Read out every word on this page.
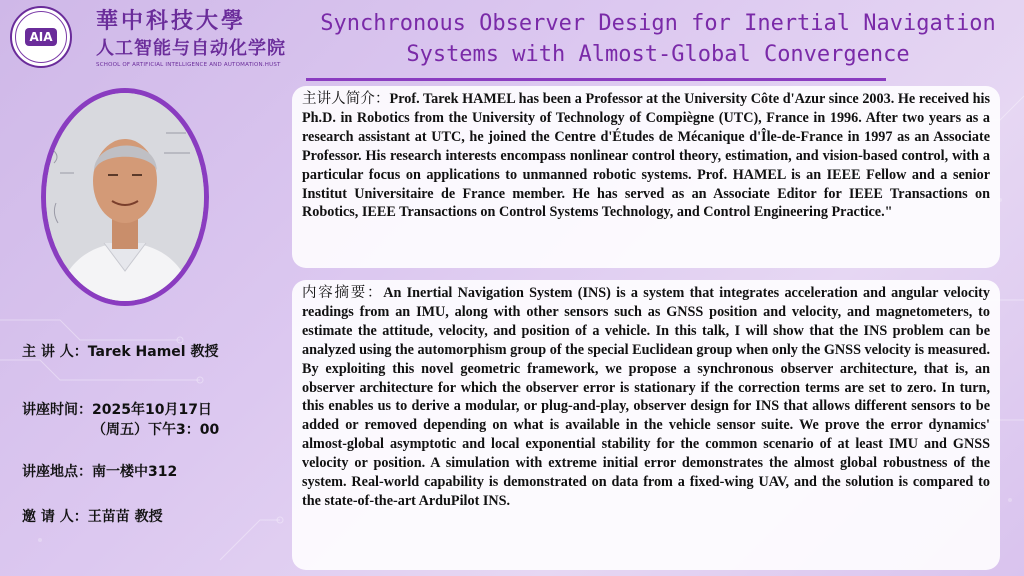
AIA
華中科技大學
人工智能与自动化学院
SCHOOL OF ARTIFICIAL INTELLIGENCE AND AUTOMATION.HUST
Synchronous Observer Design for Inertial Navigation
Systems with Almost-Global Convergence
主 讲 人：Tarek Hamel 教授
讲座时间：2025年10月17日
（周五）下午3：00
讲座地点：南一楼中312
邀 请 人：王苗苗 教授

主讲人简介：Prof. Tarek HAMEL has been a Professor at the University Côte d'Azur since 2003. He received his Ph.D. in Robotics from the University of Technology of Compiègne (UTC), France in 1996. After two years as a research assistant at UTC, he joined the Centre d'Études de Mécanique d'Île-de-France in 1997 as an Associate Professor. His research interests encompass nonlinear control theory, estimation, and vision-based control, with a particular focus on applications to unmanned robotic systems. Prof. HAMEL is an IEEE Fellow and a senior Institut Universitaire de France member. He has served as an Associate Editor for IEEE Transactions on Robotics, IEEE Transactions on Control Systems Technology, and Control Engineering Practice."

内容摘要：An Inertial Navigation System (INS) is a system that integrates acceleration and angular velocity readings from an IMU, along with other sensors such as GNSS position and velocity, and magnetometers, to estimate the attitude, velocity, and position of a vehicle. In this talk, I will show that the INS problem can be analyzed using the automorphism group of the special Euclidean group when only the GNSS velocity is measured. By exploiting this novel geometric framework, we propose a synchronous observer architecture, that is, an observer architecture for which the observer error is stationary if the correction terms are set to zero. In turn, this enables us to derive a modular, or plug-and-play, observer design for INS that allows different sensors to be added or removed depending on what is available in the vehicle sensor suite. We prove the error dynamics' almost-global asymptotic and local exponential stability for the common scenario of at least IMU and GNSS velocity or position. A simulation with extreme initial error demonstrates the almost global robustness of the system. Real-world capability is demonstrated on data from a fixed-wing UAV, and the solution is compared to the state-of-the-art ArduPilot INS.
